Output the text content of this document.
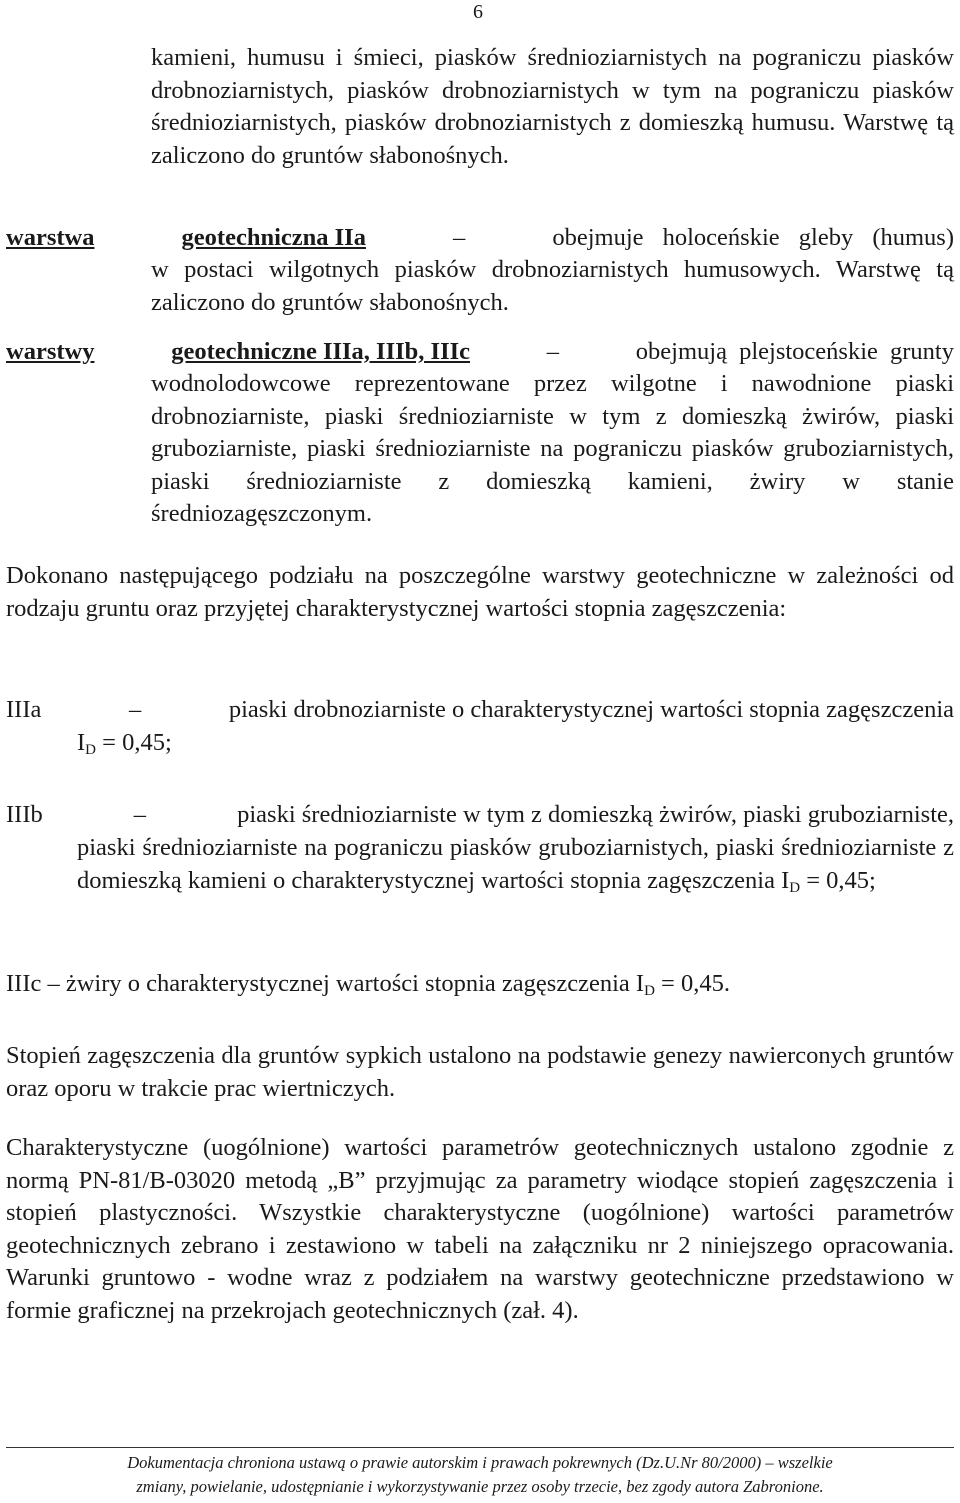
6
kamieni, humusu i śmieci, piasków średnioziarnistych na pograniczu piasków drobnoziarnistych, piasków drobnoziarnistych w tym na pograniczu piasków średnioziarnistych, piasków drobnoziarnistych z domieszką humusu. Warstwę tą zaliczono do gruntów słabonośnych.
warstwa	geotechniczna IIa	–	obejmuje holoceńskie gleby (humus)
w postaci wilgotnych piasków drobnoziarnistych humusowych. Warstwę tą zaliczono do gruntów słabonośnych.
warstwy	geotechniczne IIIa, IIIb, IIIc	–	obejmują plejstoceńskie grunty
wodnolodowcowe reprezentowane przez wilgotne i nawodnione piaski drobnoziarniste, piaski średnioziarniste w tym z domieszką żwirów, piaski gruboziarniste, piaski średnioziarniste na pograniczu piasków gruboziarnistych, piaski średnioziarniste z domieszką kamieni, żwiry w stanie średniozagęszczonym.
Dokonano następującego podziału na poszczególne warstwy geotechniczne w zależności od rodzaju gruntu oraz przyjętej charakterystycznej wartości stopnia zagęszczenia:
IIIa	–	piaski drobnoziarniste o charakterystycznej wartości stopnia zagęszczenia
$I_D = 0,45$;
IIIb	–	piaski średnioziarniste w tym z domieszką żwirów, piaski gruboziarniste,
piaski średnioziarniste na pograniczu piasków gruboziarnistych, piaski średnioziarniste z domieszką kamieni o charakterystycznej wartości stopnia zagęszczenia $I_D = 0,45$;
IIIc – żwiry o charakterystycznej wartości stopnia zagęszczenia $I_D = 0,45$.
Stopień zagęszczenia dla gruntów sypkich ustalono na podstawie genezy nawierconych gruntów oraz oporu w trakcie prac wiertniczych.
Charakterystyczne (uogólnione) wartości parametrów geotechnicznych ustalono zgodnie z normą PN-81/B-03020 metodą „B” przyjmując za parametry wiodące stopień zagęszczenia i stopień plastyczności. Wszystkie charakterystyczne (uogólnione) wartości parametrów geotechnicznych zebrano i zestawiono w tabeli na załączniku nr 2 niniejszego opracowania. Warunki gruntowo - wodne wraz z podziałem na warstwy geotechniczne przedstawiono w formie graficznej na przekrojach geotechnicznych (zał. 4).
Dokumentacja chroniona ustawą o prawie autorskim i prawach pokrewnych (Dz.U.Nr 80/2000) – wszelkie
zmiany, powielanie, udostępnianie i wykorzystywanie przez osoby trzecie, bez zgody autora Zabronione.
